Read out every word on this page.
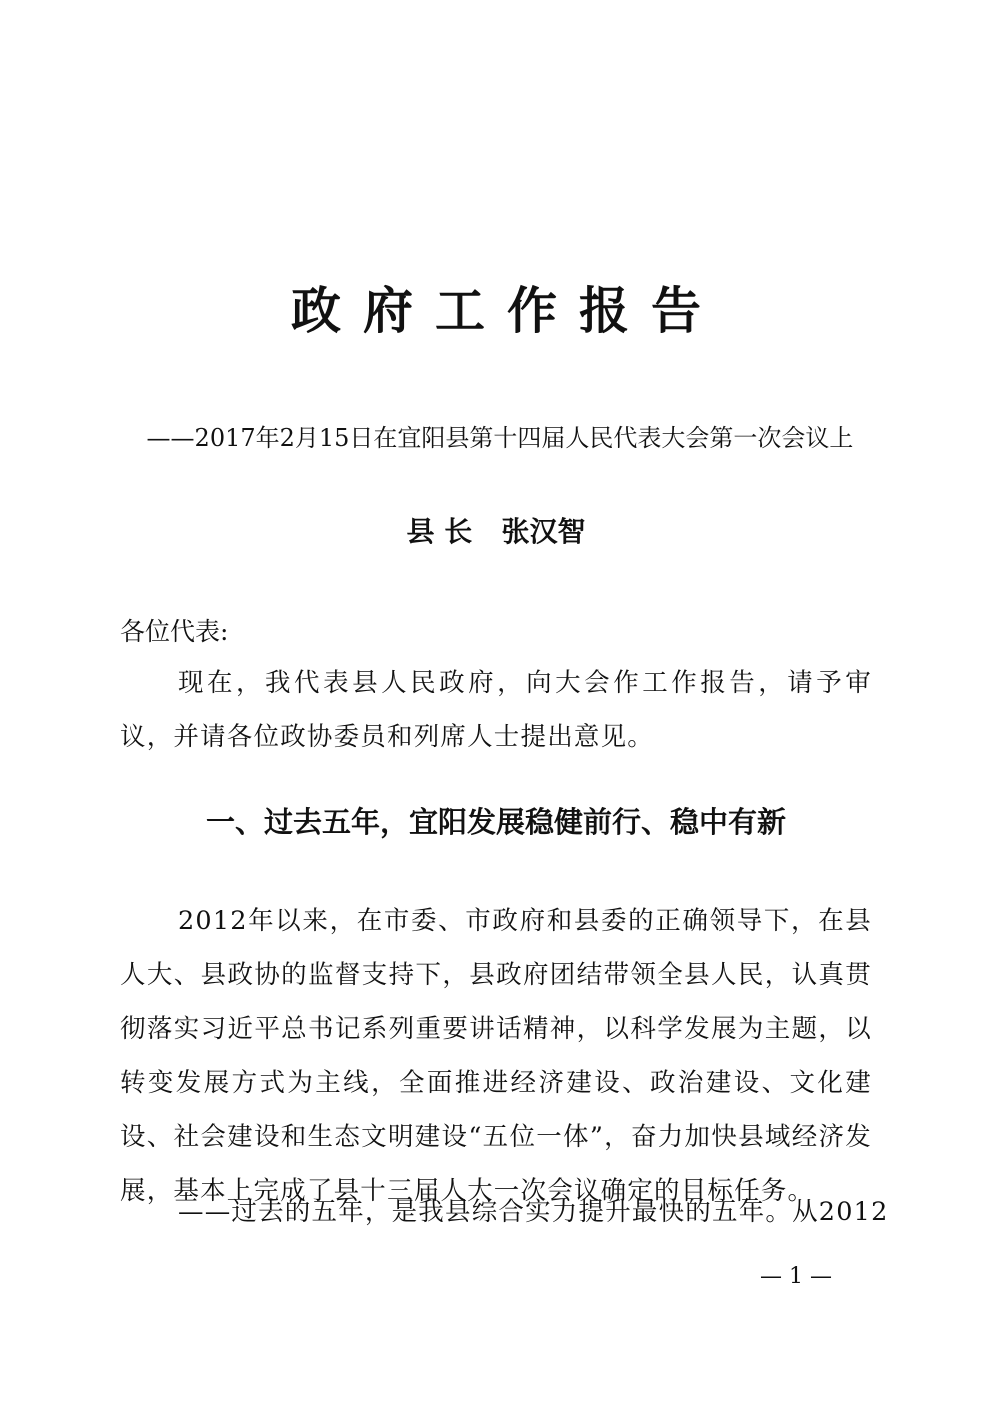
政府工作报告
——2017年2月15日在宜阳县第十四届人民代表大会第一次会议上
县 长   张汉智
各位代表:
现在，我代表县人民政府，向大会作工作报告，请予审议，并请各位政协委员和列席人士提出意见。
一、过去五年，宜阳发展稳健前行、稳中有新
2012年以来，在市委、市政府和县委的正确领导下，在县人大、县政协的监督支持下，县政府团结带领全县人民，认真贯彻落实习近平总书记系列重要讲话精神，以科学发展为主题，以转变发展方式为主线，全面推进经济建设、政治建设、文化建设、社会建设和生态文明建设“五位一体”，奋力加快县域经济发展，基本上完成了县十三届人大一次会议确定的目标任务。
——过去的五年，是我县综合实力提升最快的五年。从2012
— 1 —
